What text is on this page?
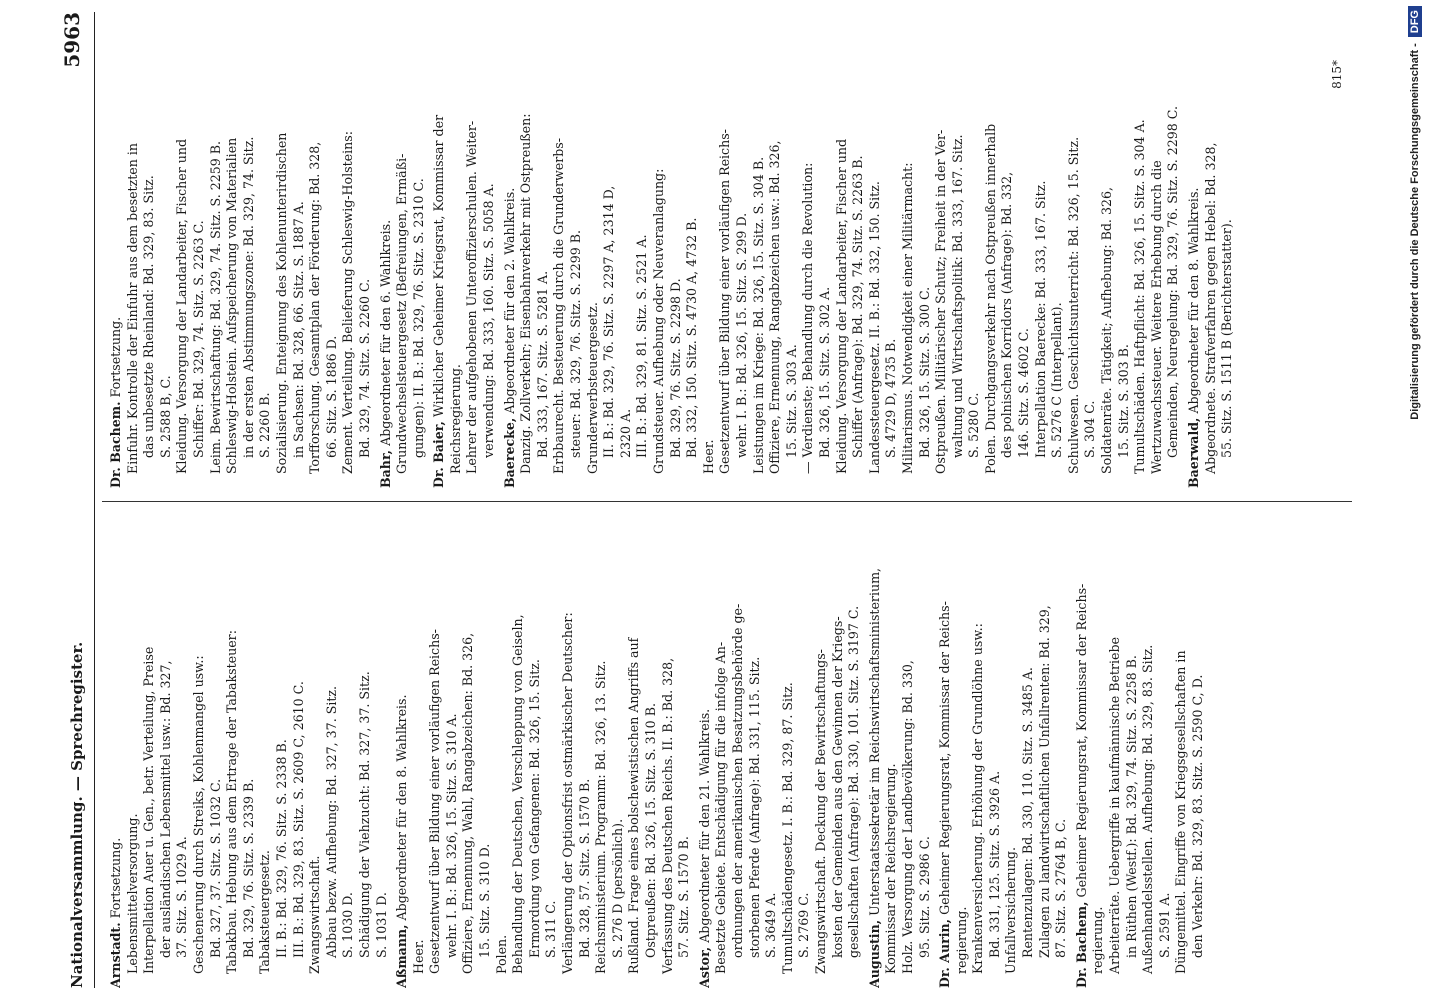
Nationalversammlung. — Sprechregister.
5963
Arnstadt. Fortsetzung. Lebensmittelversorgung. Interpellation Auer u. Gen., betr. Verteilung, Preise der ausländischen Lebensmittel usw.: Bd. 327, 37. Sitz. S. 1029 A. Geschenerung durch Streiks, Kohlenmangel usw.: Bd. 327, 37. Sitz. S. 1032 C. Tabakbau. Hebung aus dem Ertrage der Tabaksteuer: Bd. 329, 76. Sitz. S. 2339 B. Tabaksteuergesetz. II. B.: Bd. 329, 76. Sitz. S. 2338 B. III. B.: Bd. 329, 83. Sitz. S. 2609 C, 2610 C. Zwangswirtschaft. Abbau bezw. Aufhebung: Bd. 327, 37. Sitz. S. 1030 D. Schädigung der Viehzucht: Bd. 327, 37. Sitz. S. 1031 D. Aßmann, Abgeordneter für den 8. Wahlkreis.
Heer. Gesetzentwurf über Bildung einer vorläufigen Reichs- wehr. I. B.: Bd. 326, 15. Sitz. S. 310 A. Offiziere, Ernennung, Wahl, Rangabzeichen: Bd. 326, 15. Sitz. S. 310 D. Polen. Behandlung der Deutschen, Verschleppung von Geiseln, Ermordung von Gefangenen: Bd. 326, 15. Sitz. S. 311 C. Verlängerung der Optionsfrist ostmärkischer Deutscher: Bd. 328, 57. Sitz. S. 1570 B. Reichsministerium. Programm: Bd. 326, 13. Sitz. S. 276 D (persönlich). Rußland. Frage eines bolschewistischen Angriffs auf Ostpreußen: Bd. 326, 15. Sitz. S. 310 B. Verfassung des Deutschen Reichs. II. B.: Bd. 328, 57. Sitz. S. 1570 B.
Astor, Abgeordneter für den 21. Wahlkreis. Besetzte Gebiete. Entschädigung für die infolge An- ordnungen der amerikanischen Besatzungsbehörde ge- storbenen Pferde (Anfrage): Bd. 331, 115. Sitz. S. 3649 A. Tumultschädengesetz. I. B.: Bd. 329, 87. Sitz. S. 2769 C. Zwangswirtschaft. Deckung der Bewirtschaftungs- kosten der Gemeinden aus den Gewinnen der Kriegs- gesellschaften (Anfrage): Bd. 330, 101. Sitz. S. 3197 C. Augustin, Unterstaatssekretär im Reichswirtschaftsministerium, Kommissar der Reichsregierung. Holz. Versorgung der Landbevölkerung: Bd. 330, 95. Sitz. S. 2986 C. Dr. Aurin, Geheimer Regierungsrat, Kommissar der Reichs-
regierung. Krankenversicherung. Erhöhung der Grundlöhne usw.: Bd. 331, 125. Sitz. S. 3926 A. Unfallversicherung. Rentenzulagen: Bd. 330, 110. Sitz. S. 3485 A. Zulagen zu landwirtschaftlichen Unfallrenten: Bd. 329, 87. Sitz. S. 2764 B, C. Dr. Bachem, Geheimer Regierungsrat, Kommissar der Reichs-
regierung. Arbeiterräte. Uebergriffe in kaufmännische Betriebe in Rüthen (Westf.): Bd. 329, 74. Sitz. S. 2258 B. Außenhandelsstellen. Aufhebung: Bd. 329, 83. Sitz. S. 2591 A. Düngemittel. Eingriffe von Kriegsgesellschaften in den Verkehr: Bd. 329, 83. Sitz. S. 2590 C, D.
Dr. Bachem. Fortsetzung. Einfuhr. Kontrolle der Einfuhr aus dem besetzten in das unbesetzte Rheinland: Bd. 329, 83. Sitz. S. 2588 B, C. Kleidung. Versorgung der Landarbeiter, Fischer und Schiffer: Bd. 329, 74. Sitz. S. 2263 C. Leim. Bewirtschaftung: Bd. 329, 74. Sitz. S. 2259 B. Schleswig-Holstein. Aufspeicherung von Materialien in der ersten Abstimmungszone: Bd. 329, 74. Sitz. S. 2260 B. Sozialisierung. Enteignung des Kohlenunterirdischen in Sachsen: Bd. 328, 66. Sitz. S. 1887 A. Torfforschung. Gesamtplan der Förderung: Bd. 328, 66. Sitz. S. 1886 D. Zement. Verteilung. Belieferung Schleswig-Holsteins: Bd. 329, 74. Sitz. S. 2260 C.
Bahr, Abgeordneter für den 6. Wahlkreis. Grundwechselsteuergesetz (Befreiungen, Ermäßi- gungen): II. B.: Bd. 329, 76. Sitz. S. 2310 C. Dr. Baier, Wirklicher Geheimer Kriegsrat, Kommissar der
Reichsregierung. Lehrer der aufgehobenen Unteroffizierschulen. Weiter- verwendung: Bd. 333, 160. Sitz. S. 5058 A. Baerecke, Abgeordneter für den 2. Wahlkreis. Danzig. Zollverkehr; Eisenbahnverkehr mit Ostpreußen: Bd. 333, 167. Sitz. S. 5281 A. Erbbaurecht. Besteuerung durch die Grunderwerbs- steuer: Bd. 329, 76. Sitz. S. 2299 B. Grunderwerbsteuergesetz. II. B.: Bd. 329, 76. Sitz. S. 2297 A, 2314 D, 2320 A. III. B.: Bd. 329, 81. Sitz. S. 2521 A. Grundsteuer. Aufhebung oder Neuveranlagung: Bd. 329, 76. Sitz. S. 2298 D. Bd. 332, 150. Sitz. S. 4730 A, 4732 B. Heer. Gesetzentwurf über Bildung einer vorläufigen Reichs- wehr. I. B.: Bd. 326, 15. Sitz. S. 299 D. Leistungen im Kriege: Bd. 326, 15. Sitz. S. 304 B. Offiziere, Ernennung, Rangabzeichen usw.: Bd. 326, 15. Sitz. S. 303 A. — Verdienste; Behandlung durch die Revolution: Bd. 326, 15. Sitz. S. 302 A. Kleidung. Versorgung der Landarbeiter, Fischer und Schiffer (Anfrage): Bd. 329, 74. Sitz. S. 2263 B. Landessteuergesetz. II. B.: Bd. 332, 150. Sitz. S. 4729 D, 4735 B. Militarismus. Notwendigkeit einer Militärmacht: Bd. 326, 15. Sitz. S. 300 C. Ostpreußen. Militärischer Schutz; Freiheit in der Ver- waltung und Wirtschaftspolitik: Bd. 333, 167. Sitz. S. 5280 C. Polen. Durchgangsverkehr nach Ostpreußen innerhalb des polnischen Korridors (Anfrage): Bd. 332, 146. Sitz. S. 4602 C. Interpellation Baerecke: Bd. 333, 167. Sitz. S. 5276 C (Interpellant). Schulwesen. Geschichtsunterricht: Bd. 326, 15. Sitz. S. 304 C. Soldatenräte. Tätigkeit; Aufhebung: Bd. 326, 15. Sitz. S. 303 B. Tumultschäden. Haftpflicht: Bd. 326, 15. Sitz. S. 304 A. Wertzuwachssteuer. Weitere Erhebung durch die Gemeinden, Neuregelung: Bd. 329, 76. Sitz. S. 2298 C. Baerwald, Abgeordneter für den 8. Wahlkreis. Abgeordnete. Strafverfahren gegen Hebel: Bd. 328, 55. Sitz. S. 1511 B (Berichterstatter).
815*	Digitalisierung gefördert durch die Deutsche Forschungsgemeinschaft -DFG
